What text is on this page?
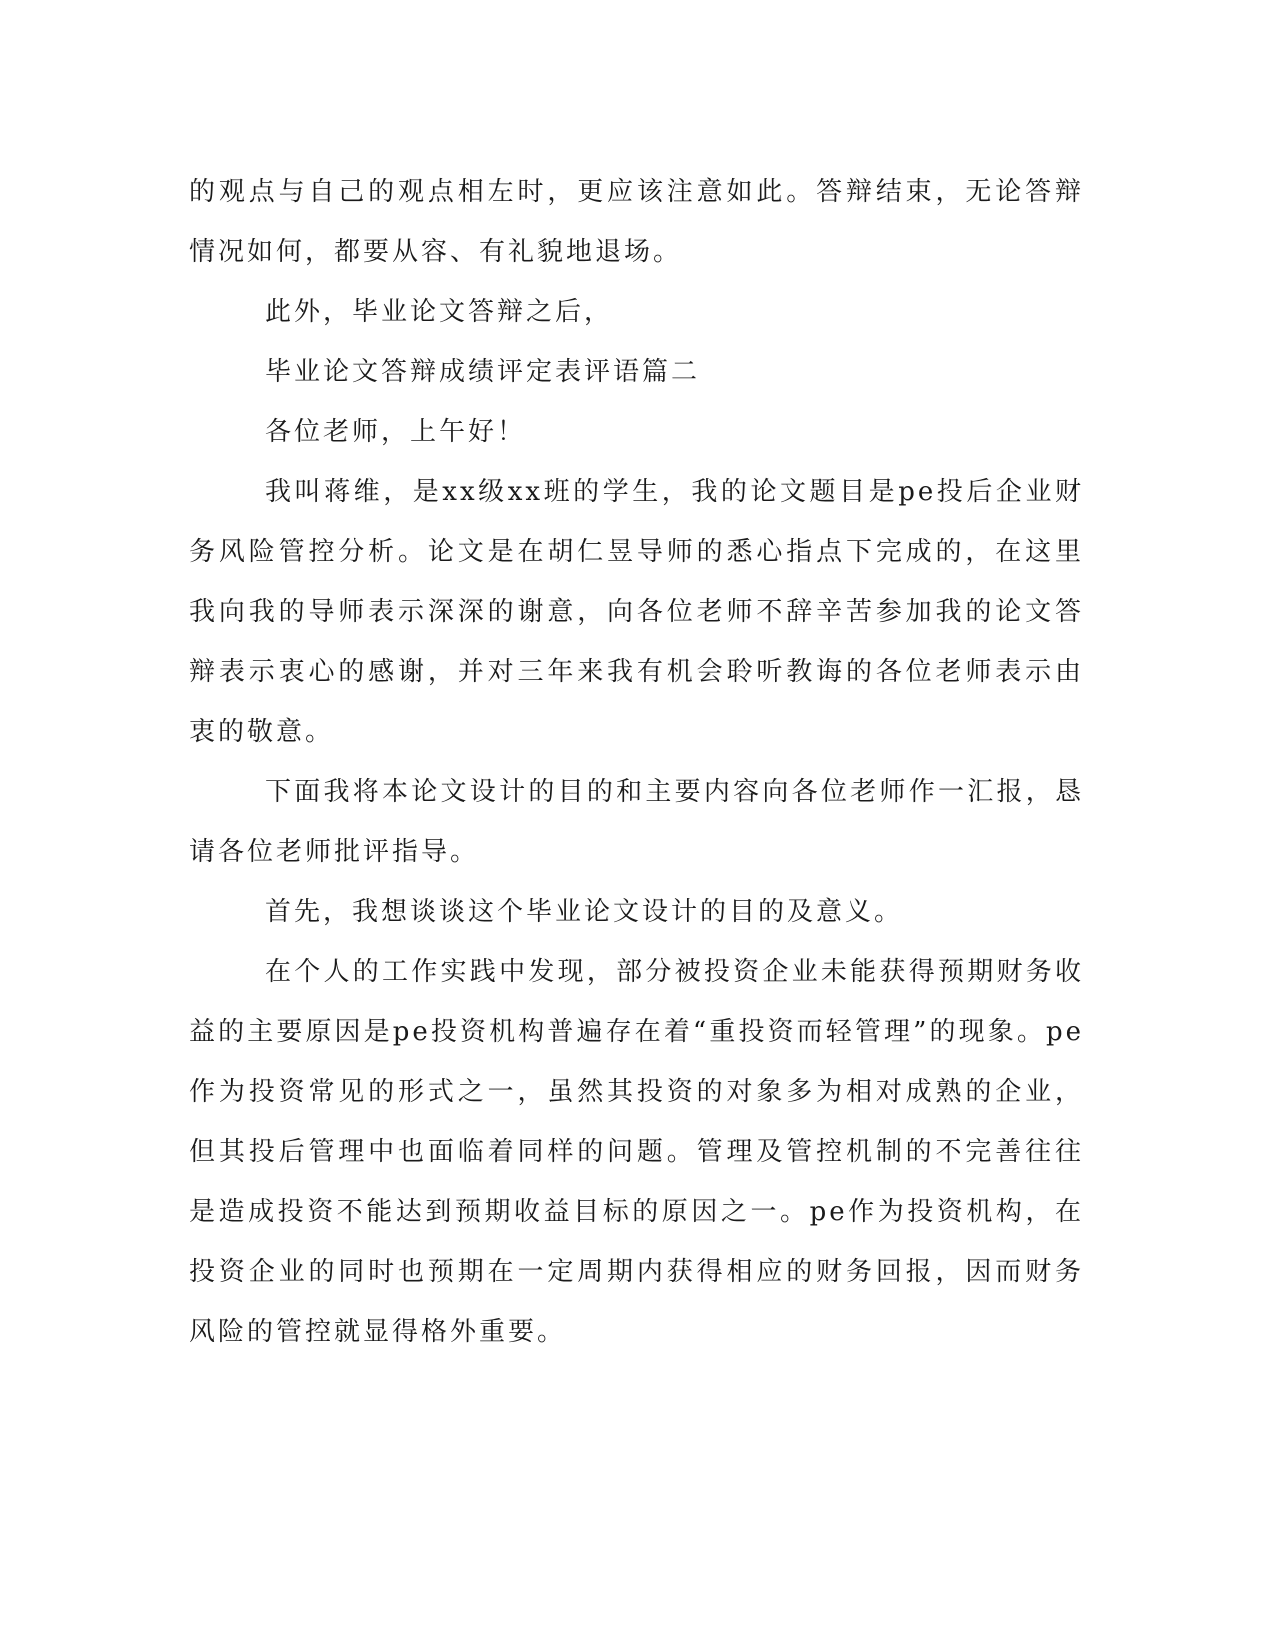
的观点与自己的观点相左时，更应该注意如此。答辩结束，无论答辩情况如何，都要从容、有礼貌地退场。

此外，毕业论文答辩之后，

毕业论文答辩成绩评定表评语篇二

各位老师，上午好！

我叫蒋维，是xx级xx班的学生，我的论文题目是pe投后企业财务风险管控分析。论文是在胡仁昱导师的悉心指点下完成的，在这里我向我的导师表示深深的谢意，向各位老师不辞辛苦参加我的论文答辩表示衷心的感谢，并对三年来我有机会聆听教诲的各位老师表示由衷的敬意。

下面我将本论文设计的目的和主要内容向各位老师作一汇报，恳请各位老师批评指导。

首先，我想谈谈这个毕业论文设计的目的及意义。

在个人的工作实践中发现，部分被投资企业未能获得预期财务收益的主要原因是pe投资机构普遍存在着“重投资而轻管理”的现象。pe作为投资常见的形式之一，虽然其投资的对象多为相对成熟的企业，但其投后管理中也面临着同样的问题。管理及管控机制的不完善往往是造成投资不能达到预期收益目标的原因之一。pe作为投资机构，在投资企业的同时也预期在一定周期内获得相应的财务回报，因而财务风险的管控就显得格外重要。
